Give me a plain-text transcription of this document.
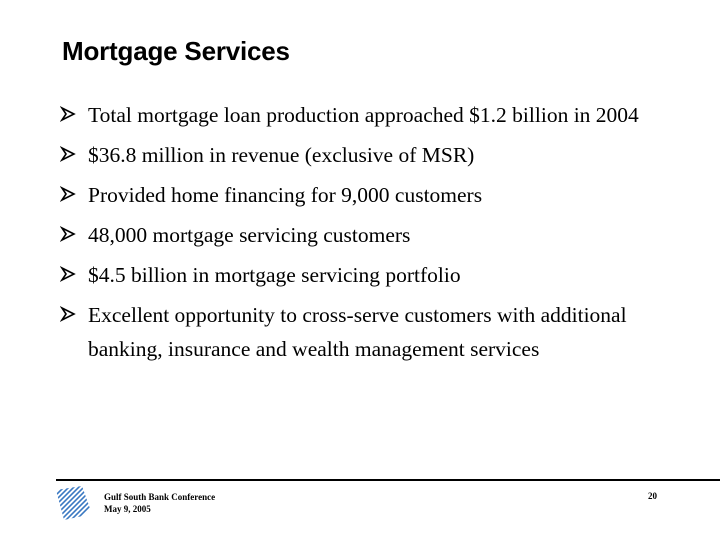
Mortgage Services
Total mortgage loan production approached $1.2 billion in 2004
$36.8 million in revenue (exclusive of MSR)
Provided home financing for 9,000 customers
48,000 mortgage servicing customers
$4.5 billion in mortgage servicing portfolio
Excellent opportunity to cross-serve customers with additional banking, insurance and wealth management services
Gulf South Bank Conference
May 9, 2005
20
